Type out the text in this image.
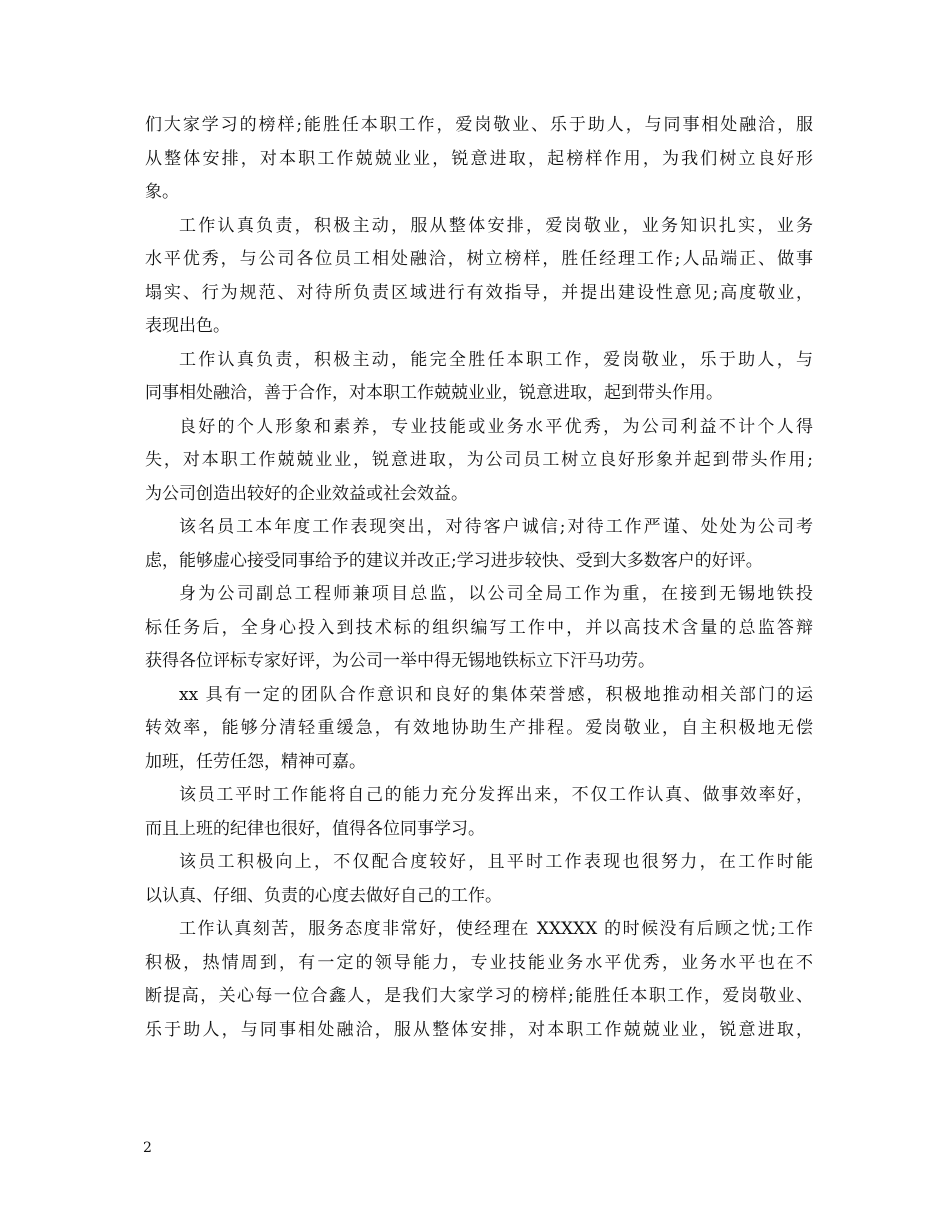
们大家学习的榜样;能胜任本职工作，爱岗敬业、乐于助人，与同事相处融洽，服
从整体安排，对本职工作兢兢业业，锐意进取，起榜样作用，为我们树立良好形
象。
工作认真负责，积极主动，服从整体安排，爱岗敬业，业务知识扎实，业务
水平优秀，与公司各位员工相处融洽，树立榜样，胜任经理工作;人品端正、做事
塌实、行为规范、对待所负责区域进行有效指导，并提出建设性意见;高度敬业，
表现出色。
工作认真负责，积极主动，能完全胜任本职工作，爱岗敬业，乐于助人，与
同事相处融洽，善于合作，对本职工作兢兢业业，锐意进取，起到带头作用。
良好的个人形象和素养，专业技能或业务水平优秀，为公司利益不计个人得
失，对本职工作兢兢业业，锐意进取，为公司员工树立良好形象并起到带头作用;
为公司创造出较好的企业效益或社会效益。
该名员工本年度工作表现突出，对待客户诚信;对待工作严谨、处处为公司考
虑，能够虚心接受同事给予的建议并改正;学习进步较快、受到大多数客户的好评。
身为公司副总工程师兼项目总监，以公司全局工作为重，在接到无锡地铁投
标任务后，全身心投入到技术标的组织编写工作中，并以高技术含量的总监答辩
获得各位评标专家好评，为公司一举中得无锡地铁标立下汗马功劳。
xx 具有一定的团队合作意识和良好的集体荣誉感，积极地推动相关部门的运
转效率，能够分清轻重缓急，有效地协助生产排程。爱岗敬业，自主积极地无偿
加班，任劳任怨，精神可嘉。
该员工平时工作能将自己的能力充分发挥出来，不仅工作认真、做事效率好，
而且上班的纪律也很好，值得各位同事学习。
该员工积极向上，不仅配合度较好，且平时工作表现也很努力，在工作时能
以认真、仔细、负责的心度去做好自己的工作。
工作认真刻苦，服务态度非常好，使经理在 XXXXX 的时候没有后顾之忧;工作
积极，热情周到，有一定的领导能力，专业技能业务水平优秀，业务水平也在不
断提高，关心每一位合鑫人，是我们大家学习的榜样;能胜任本职工作，爱岗敬业、
乐于助人，与同事相处融洽，服从整体安排，对本职工作兢兢业业，锐意进取，
2
